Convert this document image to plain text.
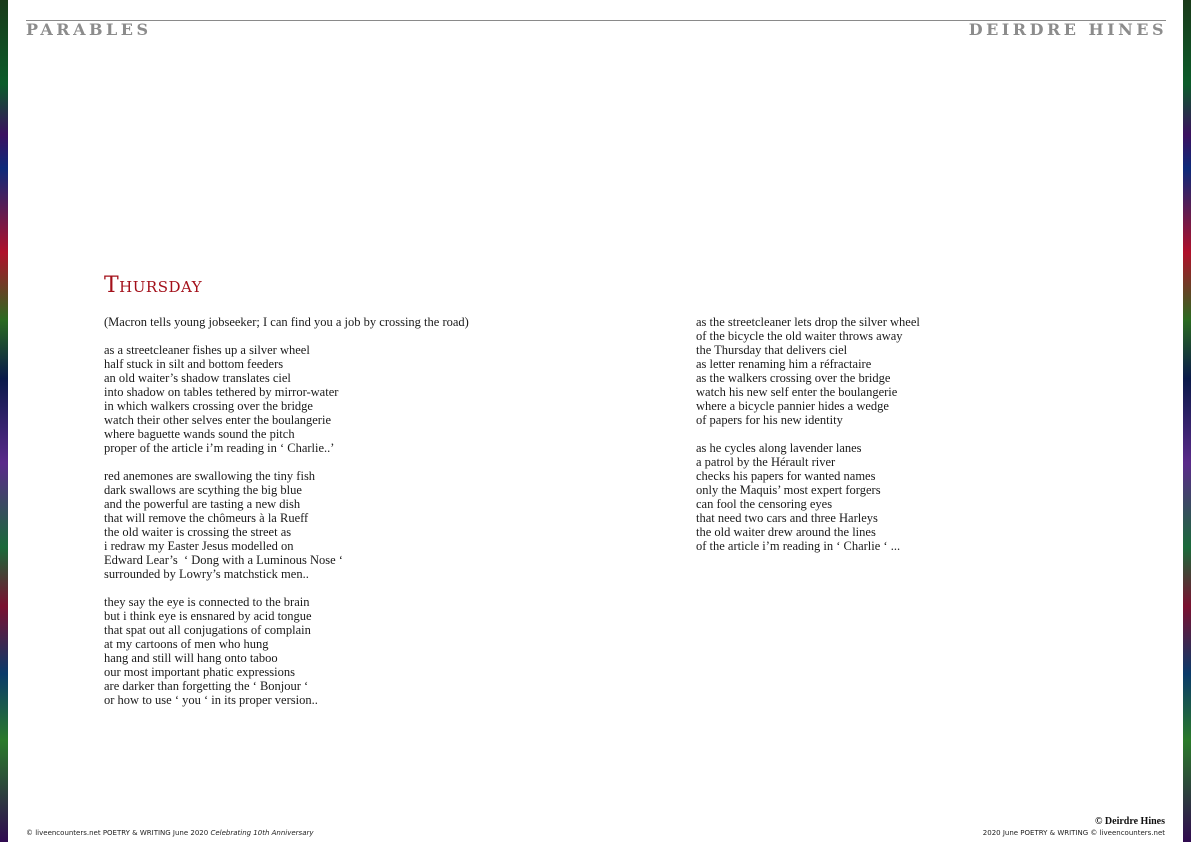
PARABLES	DEIRDRE HINES
Thursday
(Macron tells young jobseeker; I can find you a job by crossing the road)
as a streetcleaner fishes up a silver wheel
half stuck in silt and bottom feeders
an old waiter’s shadow translates ciel
into shadow on tables tethered by mirror-water
in which walkers crossing over the bridge
watch their other selves enter the boulangerie
where baguette wands sound the pitch
proper of the article i’m reading in ‘ Charlie..’
red anemones are swallowing the tiny fish
dark swallows are scything the big blue
and the powerful are tasting a new dish
that will remove the chômeurs à la Rueff
the old waiter is crossing the street as
i redraw my Easter Jesus modelled on
Edward Lear’s  ‘ Dong with a Luminous Nose ‘
surrounded by Lowry’s matchstick men..
they say the eye is connected to the brain
but i think eye is ensnared by acid tongue
that spat out all conjugations of complain
at my cartoons of men who hung
hang and still will hang onto taboo
our most important phatic expressions
are darker than forgetting the ‘ Bonjour ‘
or how to use ‘ you ‘ in its proper version..
as the streetcleaner lets drop the silver wheel
of the bicycle the old waiter throws away
the Thursday that delivers ciel
as letter renaming him a réfractaire
as the walkers crossing over the bridge
watch his new self enter the boulangerie
where a bicycle pannier hides a wedge
of papers for his new identity
as he cycles along lavender lanes
a patrol by the Hérault river
checks his papers for wanted names
only the Maquis’ most expert forgers
can fool the censoring eyes
that need two cars and three Harleys
the old waiter drew around the lines
of the article i’m reading in ‘ Charlie ‘ ...
© liveencounters.net POETRY & WRITING June 2020 Celebrating 10th Anniversary
© Deirdre Hines
2020 June POETRY & WRITING © liveencounters.net
